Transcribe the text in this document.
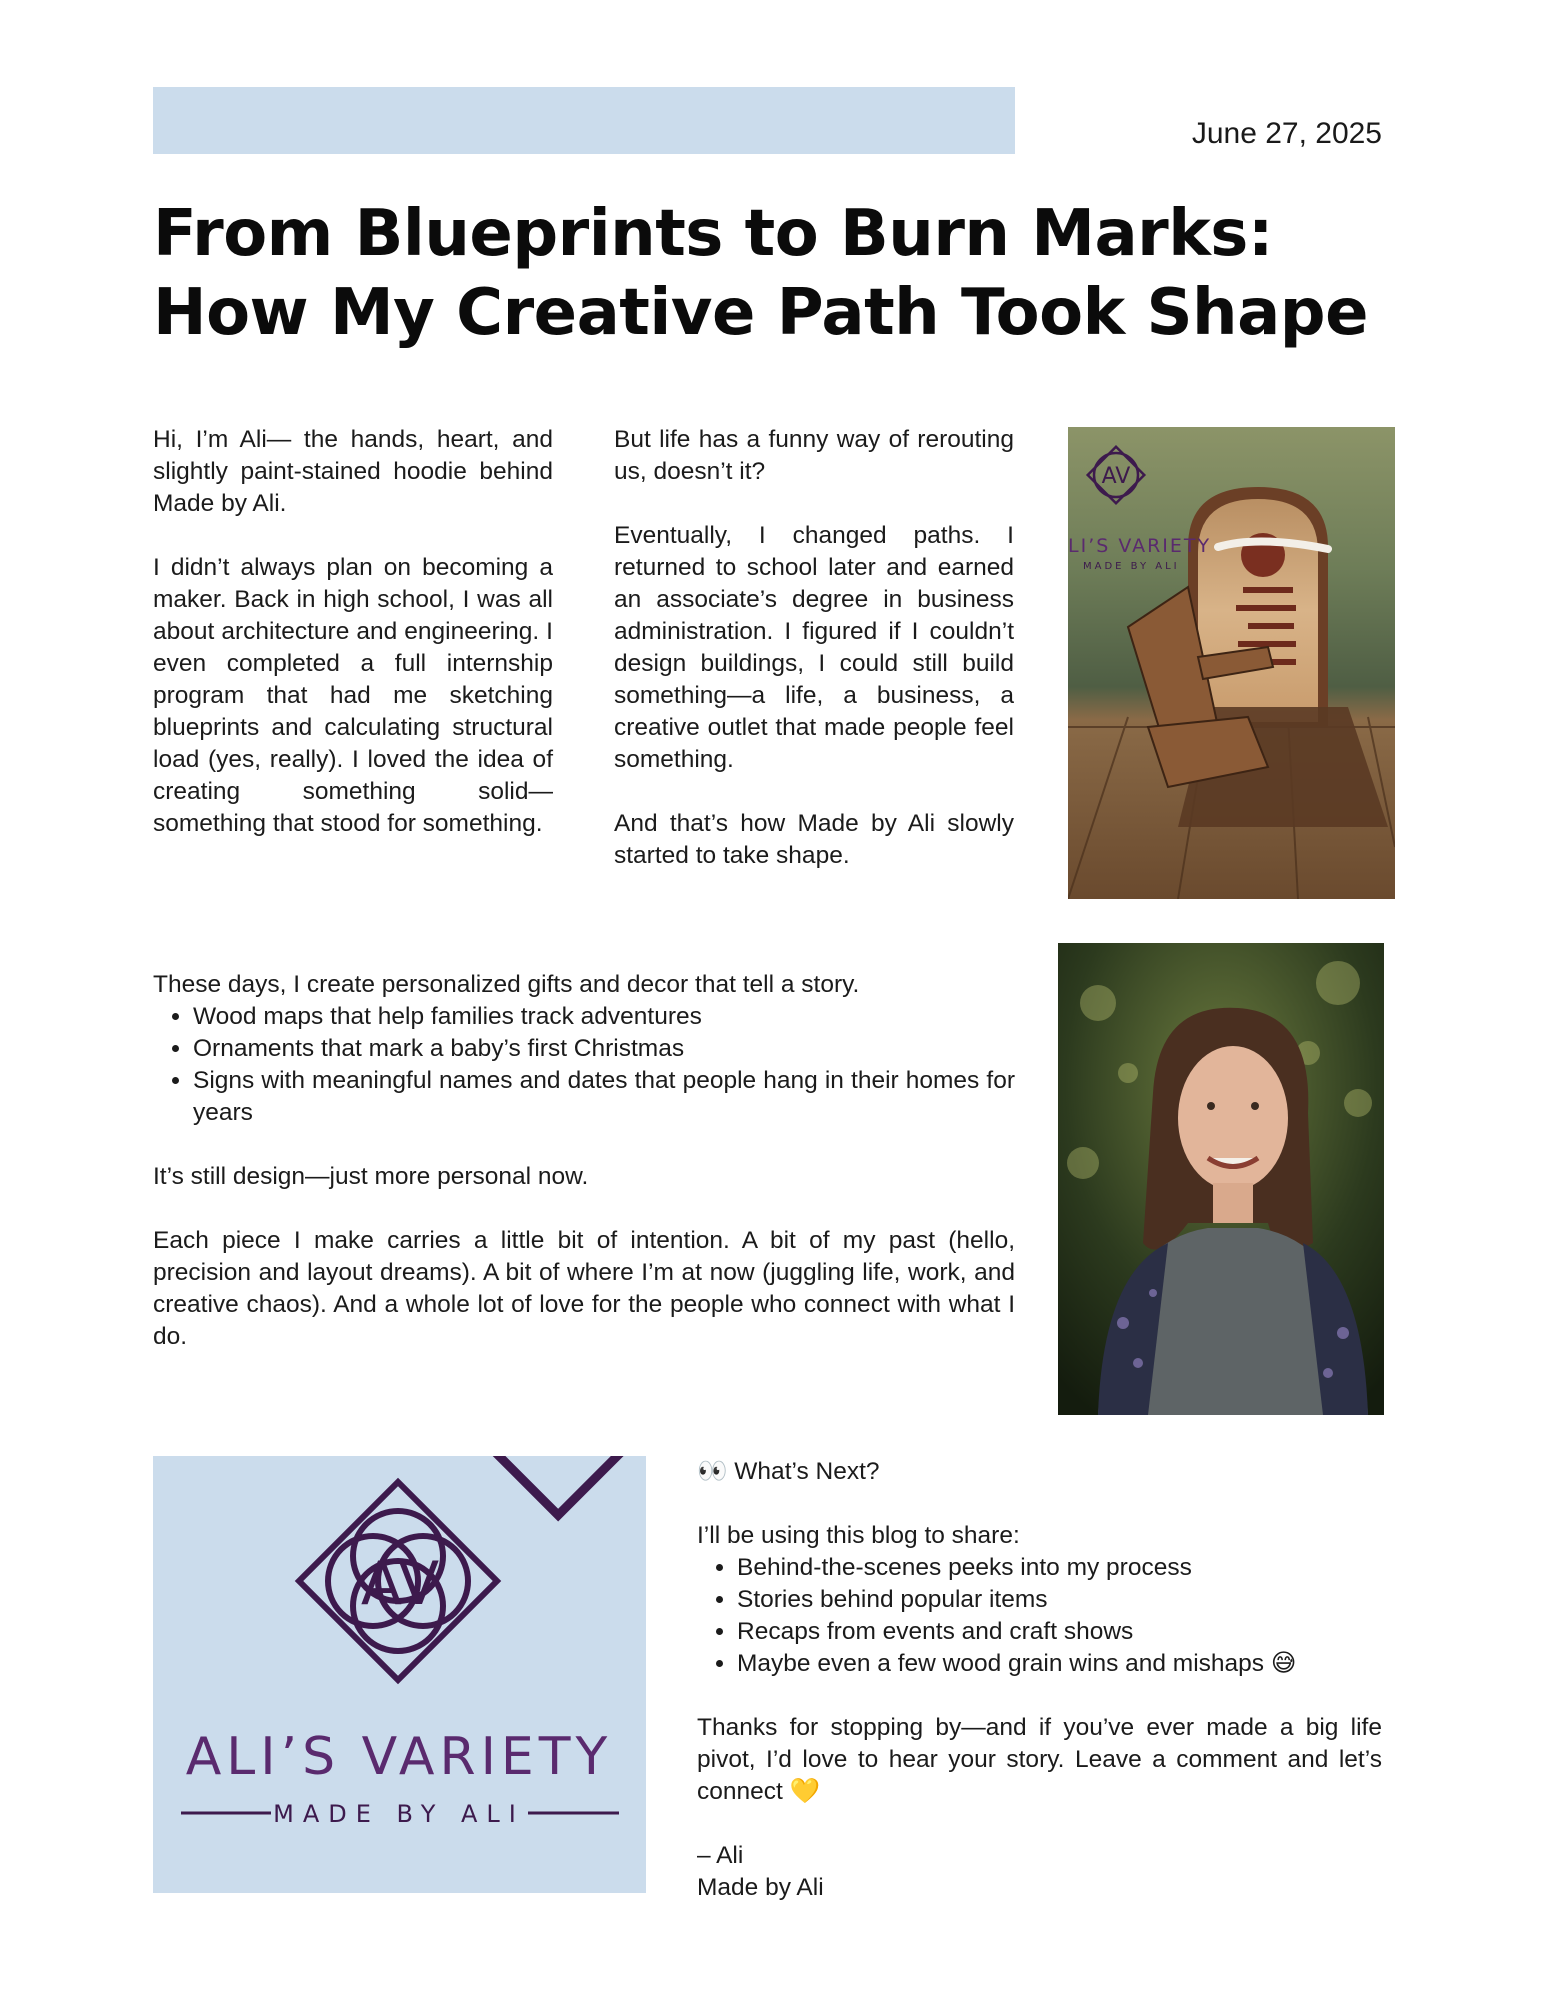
June 27, 2025
From Blueprints to Burn Marks: How My Creative Path Took Shape

Hi, I’m Ali— the hands, heart, and slightly paint-stained hoodie behind Made by Ali.

I didn’t always plan on becoming a maker. Back in high school, I was all about architecture and engineering. I even completed a full internship program that had me sketching blueprints and calculating structural load (yes, really). I loved the idea of creating something solid—something that stood for something.

But life has a funny way of rerouting us, doesn’t it?

Eventually, I changed paths. I returned to school later and earned an associate’s degree in business administration. I figured if I couldn’t design buildings, I could still build something—a life, a business, a creative outlet that made people feel something.

And that’s how Made by Ali slowly started to take shape.

AV
LI’S VARIETY
MADE BY ALI
These days, I create personalized gifts and decor that tell a story.
• Wood maps that help families track adventures
• Ornaments that mark a baby’s first Christmas
• Signs with meaningful names and dates that people hang in their homes for years

It’s still design—just more personal now.

Each piece I make carries a little bit of intention. A bit of my past (hello, precision and layout dreams). A bit of where I’m at now (juggling life, work, and creative chaos). And a whole lot of love for the people who connect with what I do.

AV
ALI’S VARIETY
MADE BY ALI

👀 What’s Next?

I’ll be using this blog to share:
• Behind-the-scenes peeks into my process
• Stories behind popular items
• Recaps from events and craft shows
• Maybe even a few wood grain wins and mishaps 😅

Thanks for stopping by—and if you’ve ever made a big life pivot, I’d love to hear your story. Leave a comment and let’s connect 💛

– Ali

Made by Ali
